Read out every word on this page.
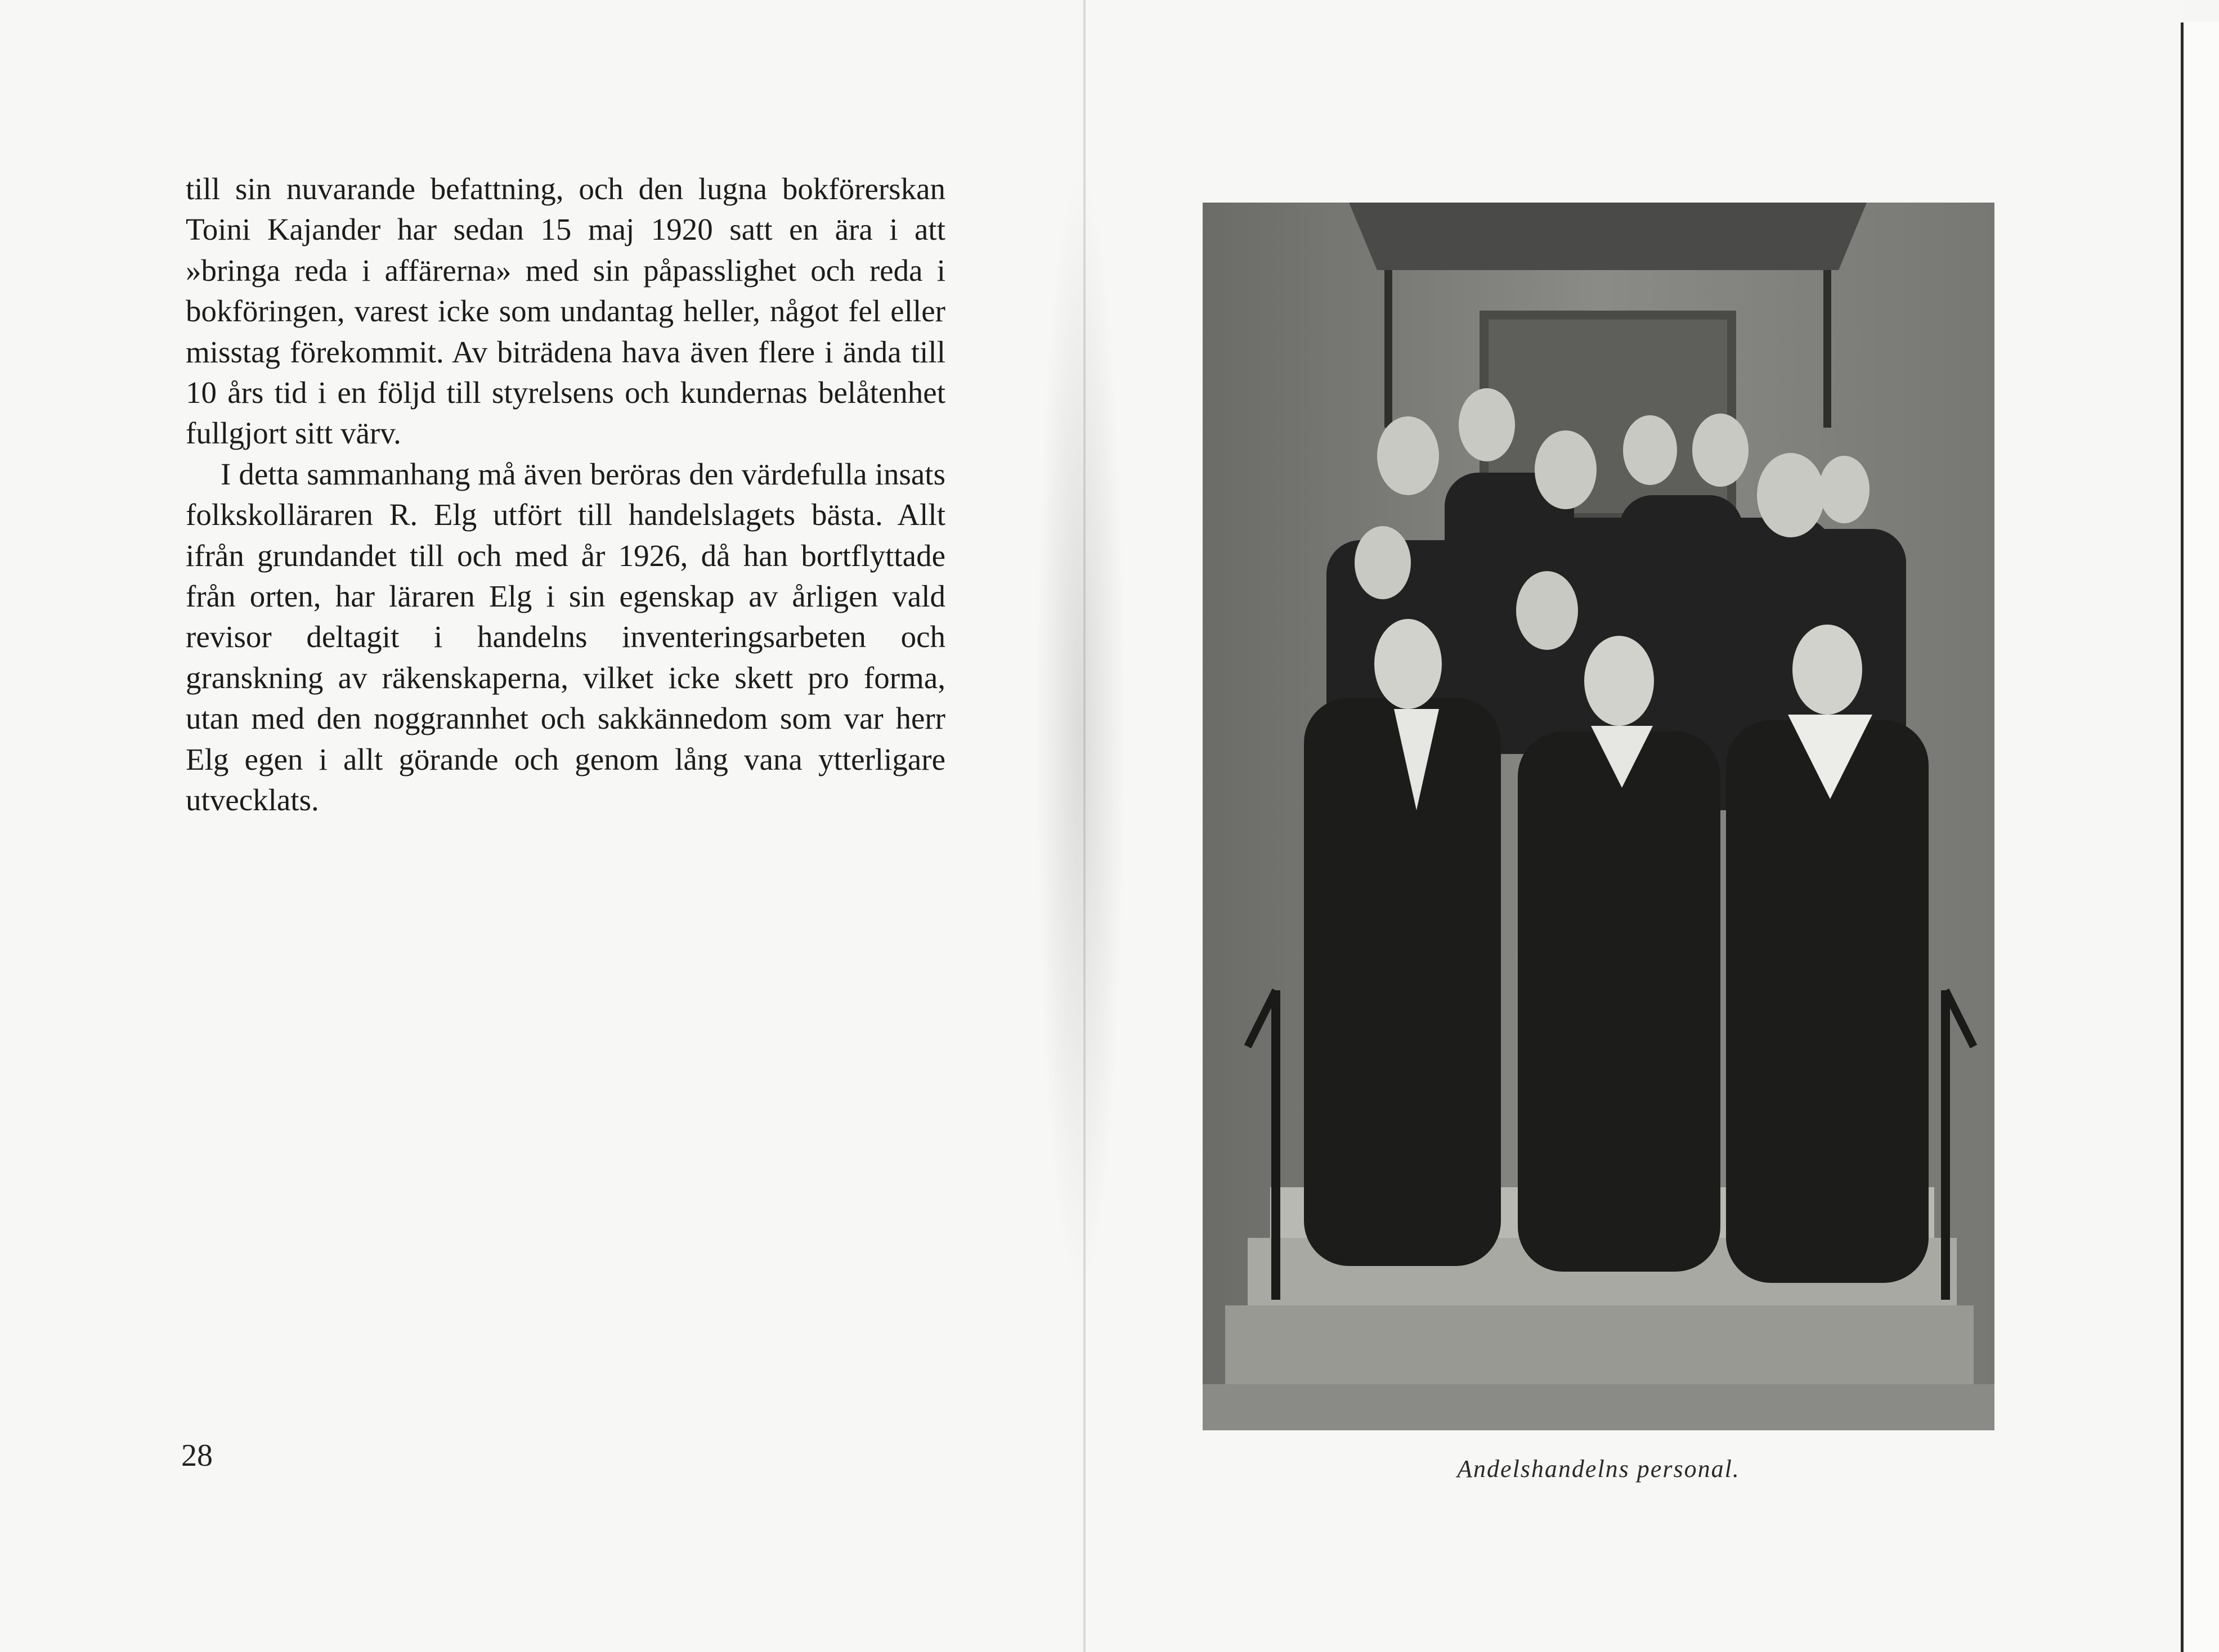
till sin nuvarande befattning, och den lugna bokförerskan Toini Kajander har sedan 15 maj 1920 satt en ära i att »bringa reda i affärerna» med sin påpasslighet och reda i bokföringen, varest icke som undantag heller, något fel eller misstag förekommit. Av biträdena hava även flere i ända till 10 års tid i en följd till styrelsens och kundernas belåtenhet fullgjort sitt värv.

I detta sammanhang må även beröras den värdefulla insats folkskolläraren R. Elg utfört till handelslagets bästa. Allt ifrån grundandet till och med år 1926, då han bortflyttade från orten, har läraren Elg i sin egenskap av årligen vald revisor deltagit i handelns inventeringsarbeten och granskning av räkenskaperna, vilket icke skett pro forma, utan med den noggrannhet och sakkännedom som var herr Elg egen i allt görande och genom lång vana ytterligare utvecklats.

28	Andelshandelns personal.
